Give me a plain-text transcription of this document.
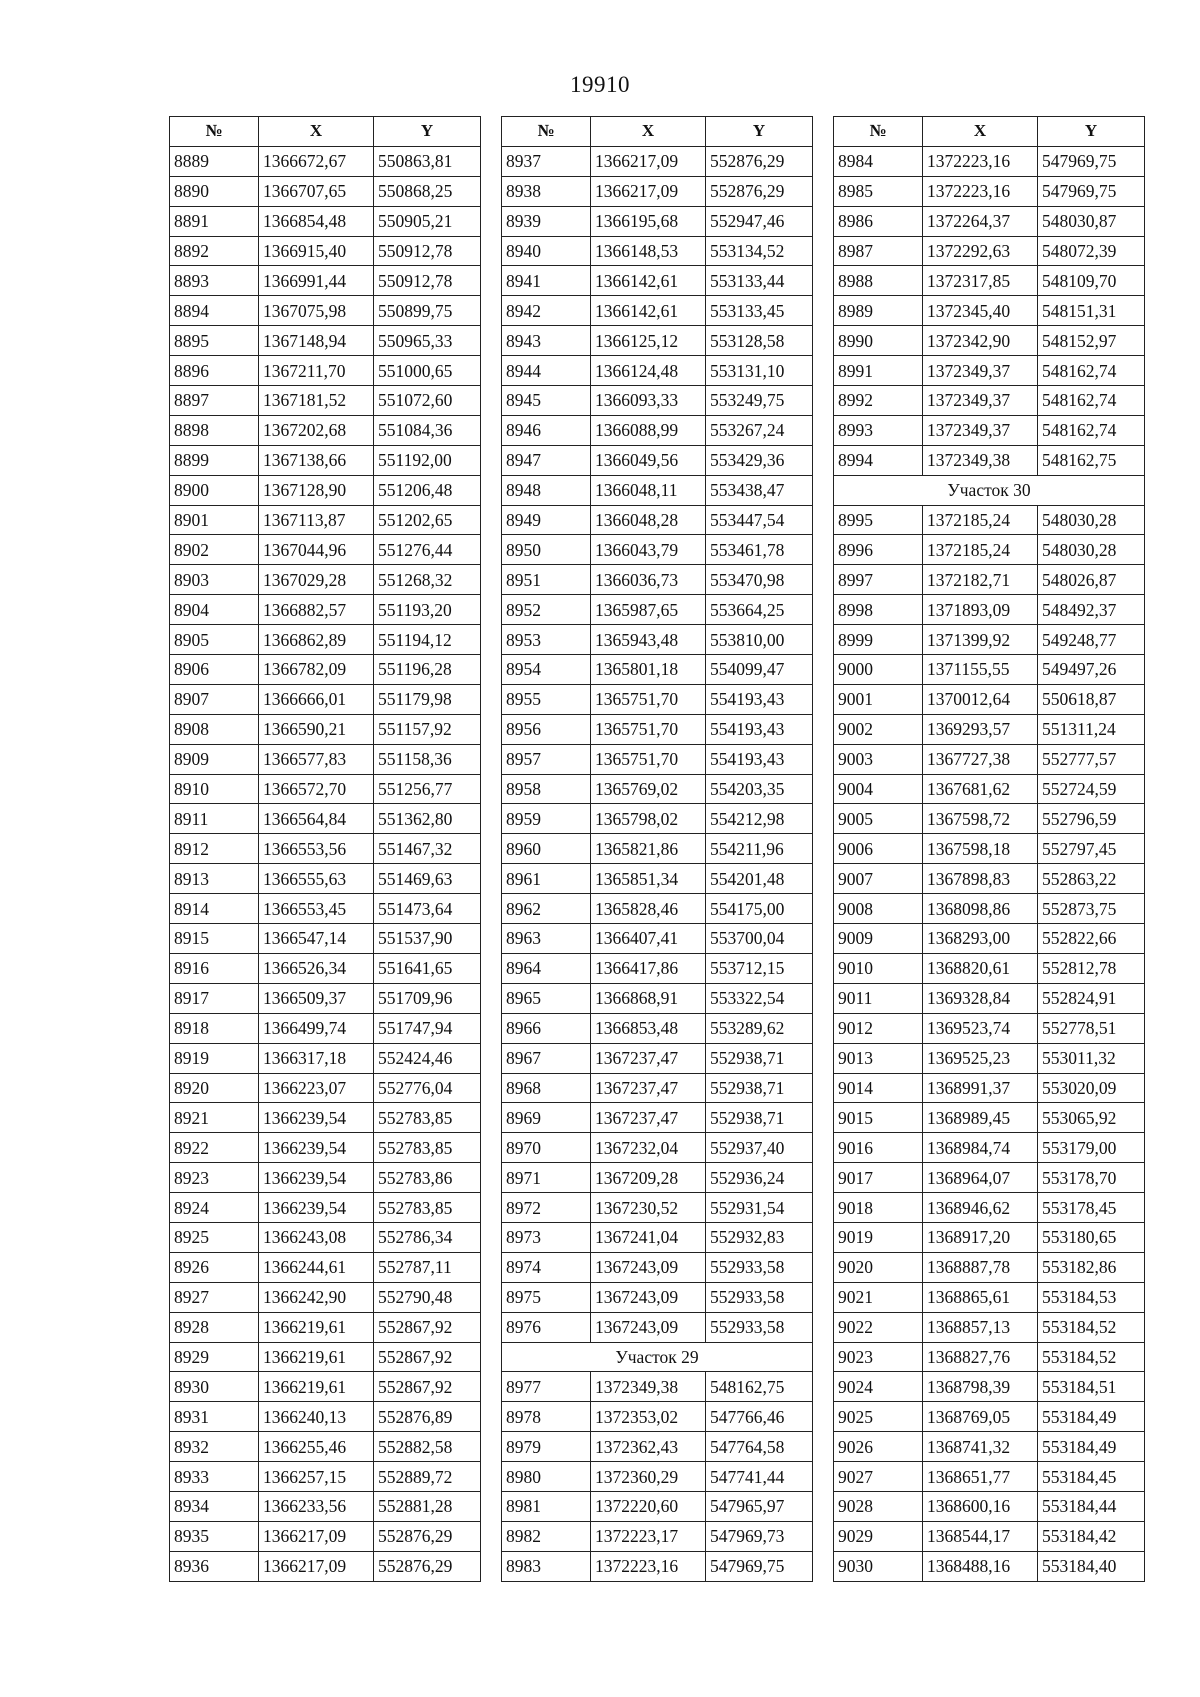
19910
№	X	Y
8889	1366672,67	550863,81
8890	1366707,65	550868,25
8891	1366854,48	550905,21
8892	1366915,40	550912,78
8893	1366991,44	550912,78
8894	1367075,98	550899,75
8895	1367148,94	550965,33
8896	1367211,70	551000,65
8897	1367181,52	551072,60
8898	1367202,68	551084,36
8899	1367138,66	551192,00
8900	1367128,90	551206,48
8901	1367113,87	551202,65
8902	1367044,96	551276,44
8903	1367029,28	551268,32
8904	1366882,57	551193,20
8905	1366862,89	551194,12
8906	1366782,09	551196,28
8907	1366666,01	551179,98
8908	1366590,21	551157,92
8909	1366577,83	551158,36
8910	1366572,70	551256,77
8911	1366564,84	551362,80
8912	1366553,56	551467,32
8913	1366555,63	551469,63
8914	1366553,45	551473,64
8915	1366547,14	551537,90
8916	1366526,34	551641,65
8917	1366509,37	551709,96
8918	1366499,74	551747,94
8919	1366317,18	552424,46
8920	1366223,07	552776,04
8921	1366239,54	552783,85
8922	1366239,54	552783,85
8923	1366239,54	552783,86
8924	1366239,54	552783,85
8925	1366243,08	552786,34
8926	1366244,61	552787,11
8927	1366242,90	552790,48
8928	1366219,61	552867,92
8929	1366219,61	552867,92
8930	1366219,61	552867,92
8931	1366240,13	552876,89
8932	1366255,46	552882,58
8933	1366257,15	552889,72
8934	1366233,56	552881,28
8935	1366217,09	552876,29
8936	1366217,09	552876,29
№	X	Y
8937	1366217,09	552876,29
8938	1366217,09	552876,29
8939	1366195,68	552947,46
8940	1366148,53	553134,52
8941	1366142,61	553133,44
8942	1366142,61	553133,45
8943	1366125,12	553128,58
8944	1366124,48	553131,10
8945	1366093,33	553249,75
8946	1366088,99	553267,24
8947	1366049,56	553429,36
8948	1366048,11	553438,47
8949	1366048,28	553447,54
8950	1366043,79	553461,78
8951	1366036,73	553470,98
8952	1365987,65	553664,25
8953	1365943,48	553810,00
8954	1365801,18	554099,47
8955	1365751,70	554193,43
8956	1365751,70	554193,43
8957	1365751,70	554193,43
8958	1365769,02	554203,35
8959	1365798,02	554212,98
8960	1365821,86	554211,96
8961	1365851,34	554201,48
8962	1365828,46	554175,00
8963	1366407,41	553700,04
8964	1366417,86	553712,15
8965	1366868,91	553322,54
8966	1366853,48	553289,62
8967	1367237,47	552938,71
8968	1367237,47	552938,71
8969	1367237,47	552938,71
8970	1367232,04	552937,40
8971	1367209,28	552936,24
8972	1367230,52	552931,54
8973	1367241,04	552932,83
8974	1367243,09	552933,58
8975	1367243,09	552933,58
8976	1367243,09	552933,58
Участок 29		
8977	1372349,38	548162,75
8978	1372353,02	547766,46
8979	1372362,43	547764,58
8980	1372360,29	547741,44
8981	1372220,60	547965,97
8982	1372223,17	547969,73
8983	1372223,16	547969,75
№	X	Y
8984	1372223,16	547969,75
8985	1372223,16	547969,75
8986	1372264,37	548030,87
8987	1372292,63	548072,39
8988	1372317,85	548109,70
8989	1372345,40	548151,31
8990	1372342,90	548152,97
8991	1372349,37	548162,74
8992	1372349,37	548162,74
8993	1372349,37	548162,74
8994	1372349,38	548162,75
Участок 30		
8995	1372185,24	548030,28
8996	1372185,24	548030,28
8997	1372182,71	548026,87
8998	1371893,09	548492,37
8999	1371399,92	549248,77
9000	1371155,55	549497,26
9001	1370012,64	550618,87
9002	1369293,57	551311,24
9003	1367727,38	552777,57
9004	1367681,62	552724,59
9005	1367598,72	552796,59
9006	1367598,18	552797,45
9007	1367898,83	552863,22
9008	1368098,86	552873,75
9009	1368293,00	552822,66
9010	1368820,61	552812,78
9011	1369328,84	552824,91
9012	1369523,74	552778,51
9013	1369525,23	553011,32
9014	1368991,37	553020,09
9015	1368989,45	553065,92
9016	1368984,74	553179,00
9017	1368964,07	553178,70
9018	1368946,62	553178,45
9019	1368917,20	553180,65
9020	1368887,78	553182,86
9021	1368865,61	553184,53
9022	1368857,13	553184,52
9023	1368827,76	553184,52
9024	1368798,39	553184,51
9025	1368769,05	553184,49
9026	1368741,32	553184,49
9027	1368651,77	553184,45
9028	1368600,16	553184,44
9029	1368544,17	553184,42
9030	1368488,16	553184,40
